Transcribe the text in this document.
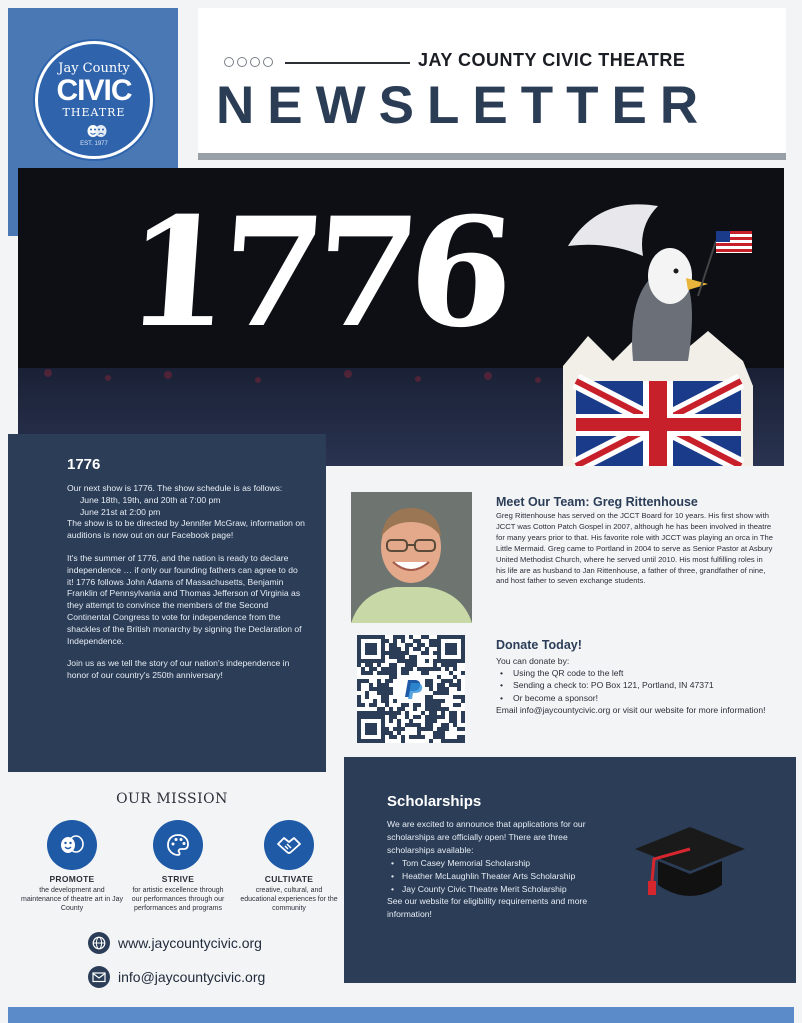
JAY COUNTY CIVIC THEATRE
NEWSLETTER
Jay County
CIVIC
THEATRE
EST. 1977
1776
1776
Our next show is 1776. The show schedule is as follows:
June 18th, 19th, and 20th at 7:00 pm
June 21st at 2:00 pm

The show is to be directed by Jennifer McGraw, information on auditions is now out on our Facebook page!

It's the summer of 1776, and the nation is ready to declare independence … if only our founding fathers can agree to do it! 1776 follows John Adams of Massachusetts, Benjamin Franklin of Pennsylvania and Thomas Jefferson of Virginia as they attempt to convince the members of the Second Continental Congress to vote for independence from the shackles of the British monarchy by signing the Declaration of Independence.

Join us as we tell the story of our nation's independence in honor of our country's 250th anniversary!

Meet Our Team: Greg Rittenhouse
Greg Rittenhouse has served on the JCCT Board for 10 years. His first show with JCCT was Cotton Patch Gospel in 2007, although he has been involved in theatre for many years prior to that. His favorite role with JCCT was playing an orca in The Little Mermaid. Greg came to Portland in 2004 to serve as Senior Pastor at Asbury United Methodist Church, where he served until 2010. His most fulfilling roles in his life are as husband to Jan Rittenhouse, a father of three, grandfather of nine, and host father to seven exchange students.
Donate Today!
You can donate by:
• Using the QR code to the left
• Sending a check to: PO Box 121, Portland, IN 47371
• Or become a sponsor!
Email info@jaycountycivic.org or visit our website for more information!
OUR MISSION
PROMOTE
the development and maintenance of theatre art in Jay County
STRIVE
for artistic excellence through our performances through our performances and programs
CULTIVATE
creative, cultural, and educational experiences for the community
www.jaycountycivic.org
info@jaycountycivic.org
Scholarships
We are excited to announce that applications for our scholarships are officially open! There are three scholarships available:
• Tom Casey Memorial Scholarship
• Heather McLaughlin Theater Arts Scholarship
• Jay County Civic Theatre Merit Scholarship
See our website for eligibility requirements and more information!
